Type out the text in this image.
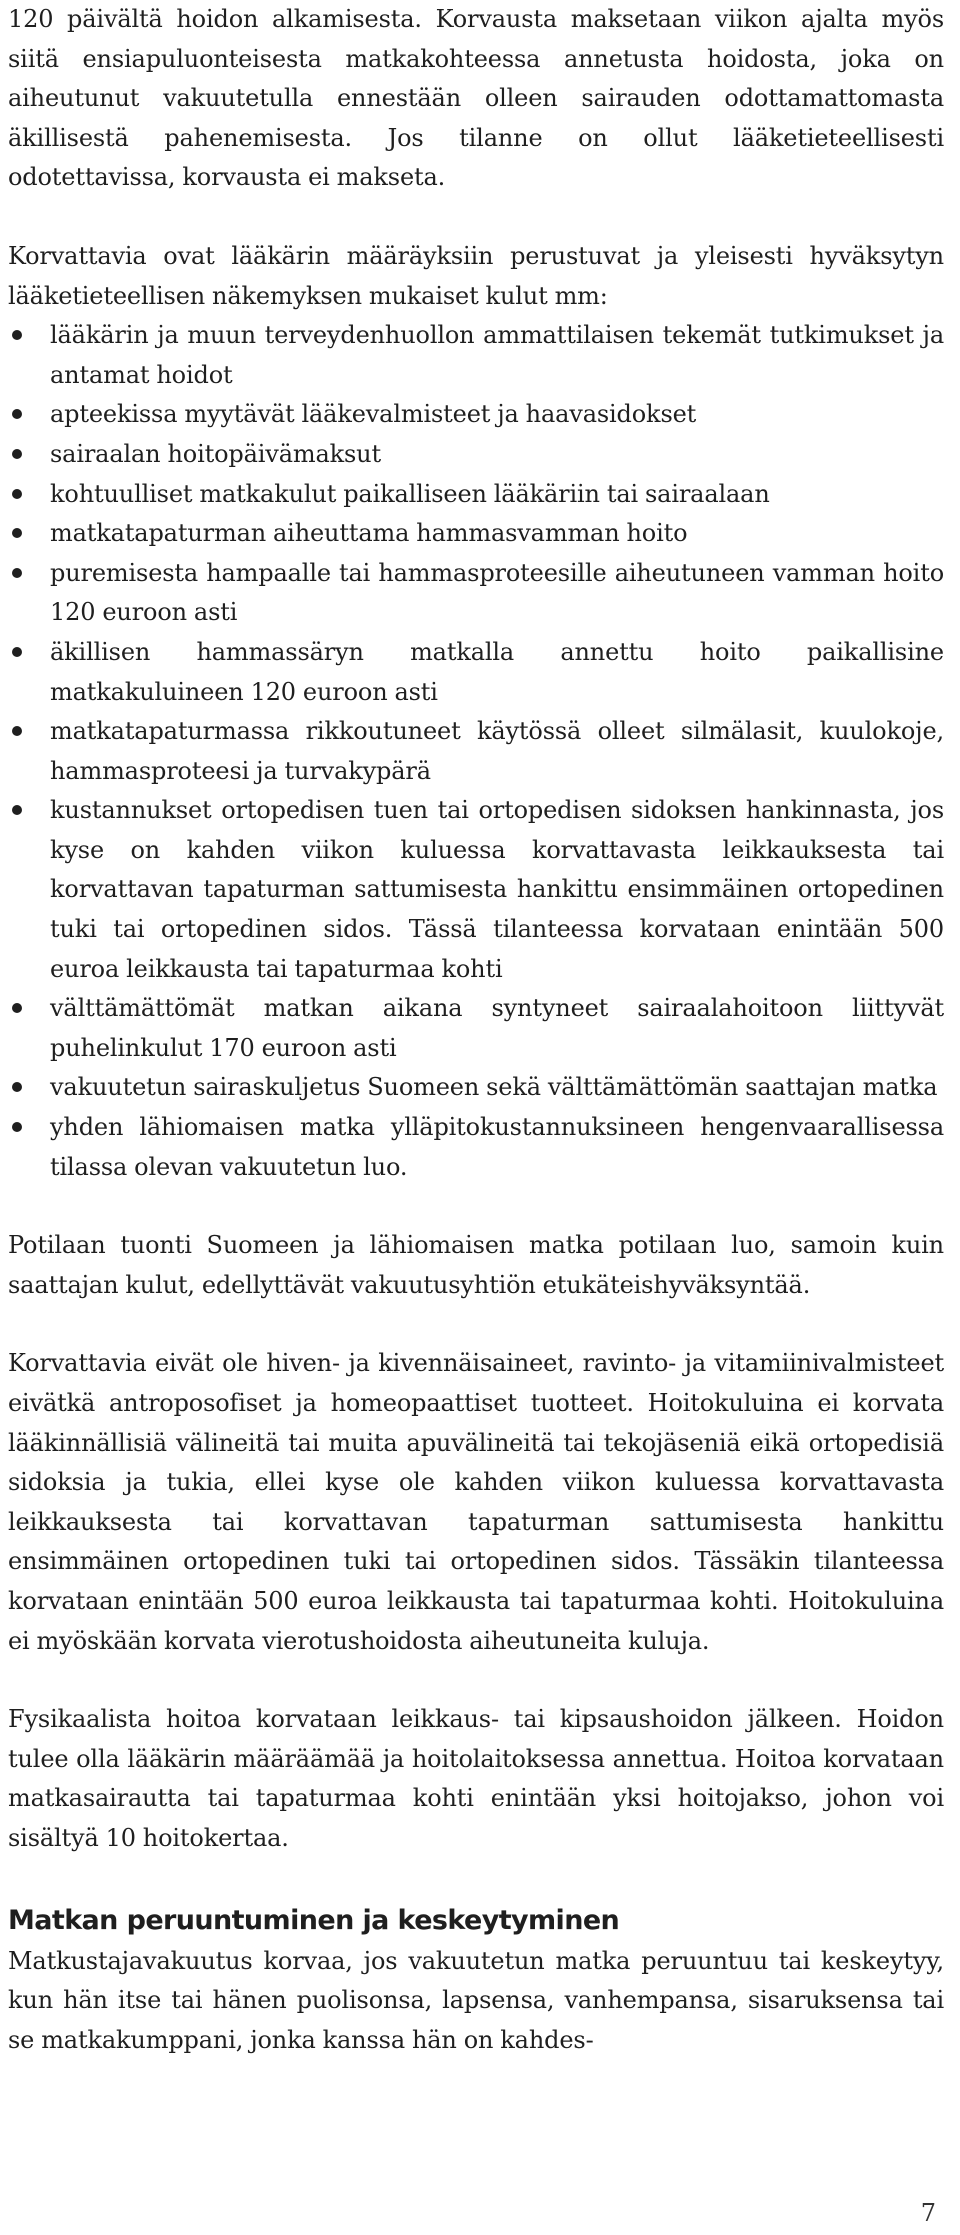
120 päivältä hoidon alkamisesta. Korvausta maksetaan viikon ajalta myös siitä ensiapuluonteisesta matkakohteessa annetusta hoidosta, joka on aiheutunut vakuutetulla ennestään olleen sairauden odottamattomasta äkillisestä pahenemisesta. Jos tilanne on ollut lääketieteellisesti odotettavissa, korvausta ei makseta.

Korvattavia ovat lääkärin määräyksiin perustuvat ja yleisesti hyväksytyn lääketieteellisen näkemyksen mukaiset kulut mm:

lääkärin ja muun terveydenhuollon ammattilaisen tekemät tutkimukset ja antamat hoidot

apteekissa myytävät lääkevalmisteet ja haavasidokset

sairaalan hoitopäivämaksut

kohtuulliset matkakulut paikalliseen lääkäriin tai sairaalaan

matkatapaturman aiheuttama hammasvamman hoito

puremisesta hampaalle tai hammasproteesille aiheutuneen vamman hoito 120 euroon asti

äkillisen hammassäryn matkalla annettu hoito paikallisine matkakuluineen 120 euroon asti

matkatapaturmassa rikkoutuneet käytössä olleet silmälasit, kuulokoje, hammasproteesi ja turvakypärä

kustannukset ortopedisen tuen tai ortopedisen sidoksen hankinnasta, jos kyse on kahden viikon kuluessa korvattavasta leikkauksesta tai korvattavan tapaturman sattumisesta hankittu ensimmäinen ortopedinen tuki tai ortopedinen sidos. Tässä tilanteessa korvataan enintään 500 euroa leikkausta tai tapaturmaa kohti

välttämättömät matkan aikana syntyneet sairaalahoitoon liittyvät puhelinkulut 170 euroon asti

vakuutetun sairaskuljetus Suomeen sekä välttämättömän saattajan matka

yhden lähiomaisen matka ylläpitokustannuksineen hengenvaarallisessa tilassa olevan vakuutetun luo.

Potilaan tuonti Suomeen ja lähiomaisen matka potilaan luo, samoin kuin saattajan kulut, edellyttävät vakuutusyhtiön etukäteishyväksyntää.

Korvattavia eivät ole hiven- ja kivennäisaineet, ravinto- ja vitamiinivalmisteet eivätkä antroposofiset ja homeopaattiset tuotteet. Hoitokuluina ei korvata lääkinnällisiä välineitä tai muita apuvälineitä tai tekojäseniä eikä ortopedisiä sidoksia ja tukia, ellei kyse ole kahden viikon kuluessa korvattavasta leikkauksesta tai korvattavan tapaturman sattumisesta hankittu ensimmäinen ortopedinen tuki tai ortopedinen sidos. Tässäkin tilanteessa korvataan enintään 500 euroa leikkausta tai tapaturmaa kohti. Hoitokuluina ei myöskään korvata vierotushoidosta aiheutuneita kuluja.

Fysikaalista hoitoa korvataan leikkaus- tai kipsaushoidon jälkeen. Hoidon tulee olla lääkärin määräämää ja hoitolaitoksessa annettua. Hoitoa korvataan matkasairautta tai tapaturmaa kohti enintään yksi hoitojakso, johon voi sisältyä 10 hoitokertaa.

Matkan peruuntuminen ja keskeytyminen

Matkustajavakuutus korvaa, jos vakuutetun matka peruuntuu tai keskeytyy, kun hän itse tai hänen puolisonsa, lapsensa, vanhempansa, sisaruksensa tai se matkakumppani, jonka kanssa hän on kahdes-

7
